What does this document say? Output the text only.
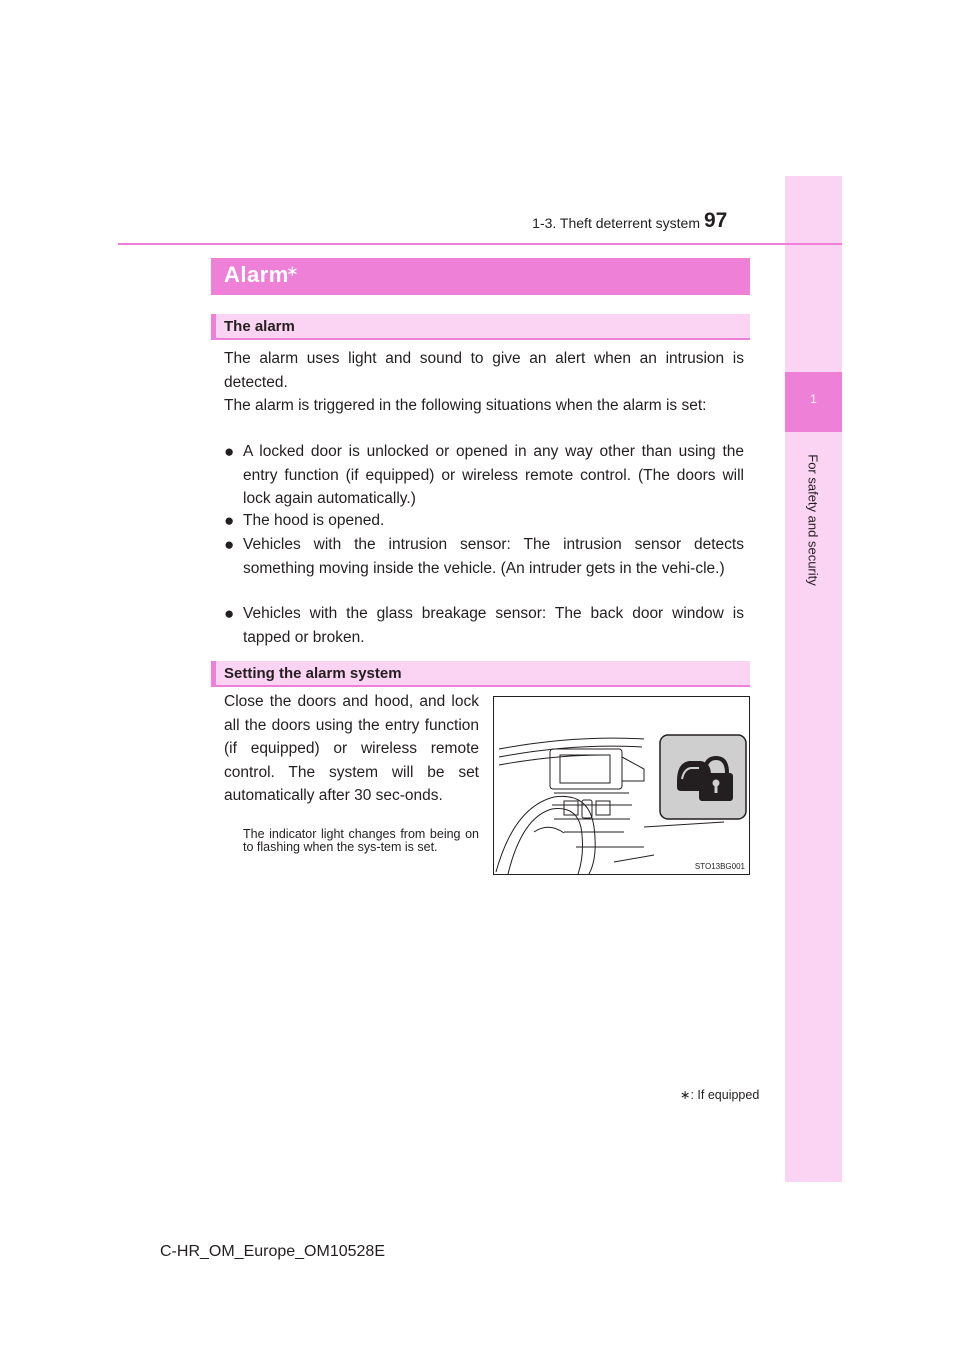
1
For safety and security
1-3. Theft deterrent system 97
Alarm
∗
The alarm

The alarm uses light and sound to give an alert when an intrusion is detected.

The alarm is triggered in the following situations when the alarm is set:

● A locked door is unlocked or opened in any way other than using the entry function (if equipped) or wireless remote control. (The doors will lock again automatically.)
● The hood is opened.
● Vehicles with the intrusion sensor: The intrusion sensor detects something moving inside the vehicle. (An intruder gets in the vehi-cle.)
● Vehicles with the glass breakage sensor: The back door window is tapped or broken.
Setting the alarm system
Close the doors and hood, and lock all the doors using the entry function (if equipped) or wireless remote control. The system will be set automatically after 30 sec-onds.
The indicator light changes from being on to flashing when the sys-tem is set.
STO13BG001
∗: If equipped
C-HR_OM_Europe_OM10528E
